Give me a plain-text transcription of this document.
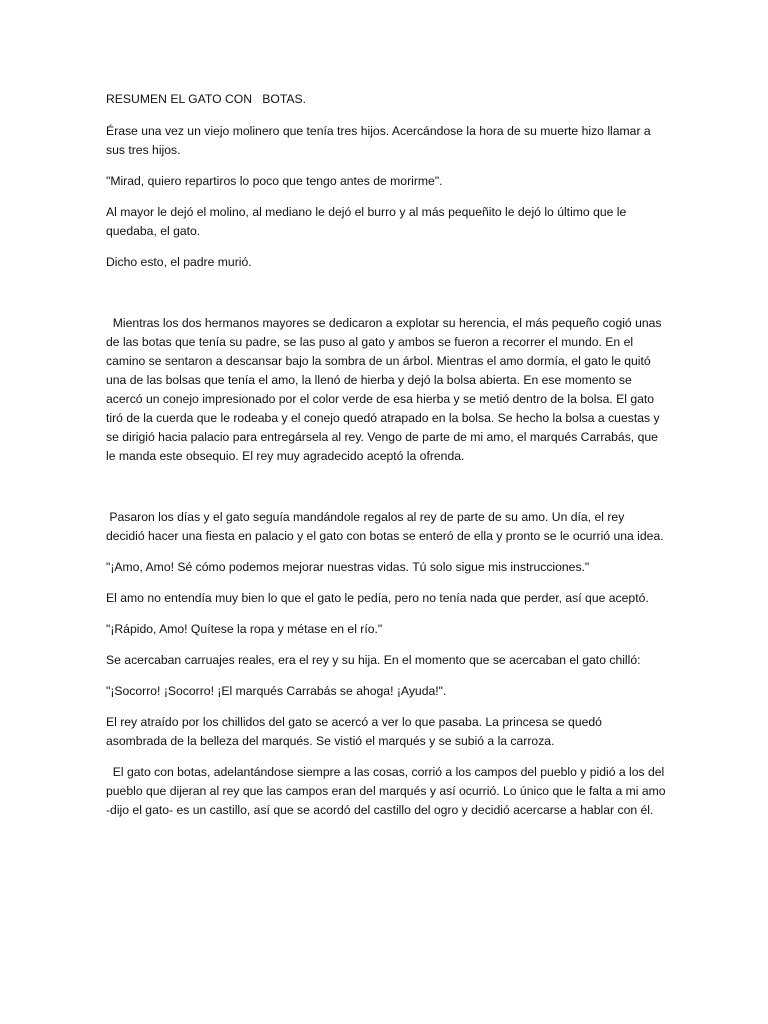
RESUMEN EL GATO CON   BOTAS.

Érase una vez un viejo molinero que tenía tres hijos. Acercándose la hora de su muerte hizo llamar a sus tres hijos.

"Mirad, quiero repartiros lo poco que tengo antes de morirme".

Al mayor le dejó el molino, al mediano le dejó el burro y al más pequeñito le dejó lo último que le quedaba, el gato.

Dicho esto, el padre murió.

Mientras los dos hermanos mayores se dedicaron a explotar su herencia, el más pequeño cogió unas de las botas que tenía su padre, se las puso al gato y ambos se fueron a recorrer el mundo. En el camino se sentaron a descansar bajo la sombra de un árbol. Mientras el amo dormía, el gato le quitó una de las bolsas que tenía el amo, la llenó de hierba y dejó la bolsa abierta. En ese momento se acercó un conejo impresionado por el color verde de esa hierba y se metió dentro de la bolsa. El gato tiró de la cuerda que le rodeaba y el conejo quedó atrapado en la bolsa. Se hecho la bolsa a cuestas y se dirigió hacia palacio para entregársela al rey. Vengo de parte de mi amo, el marqués Carrabás, que le manda este obsequio. El rey muy agradecido aceptó la ofrenda.

Pasaron los días y el gato seguía mandándole regalos al rey de parte de su amo. Un día, el rey decidió hacer una fiesta en palacio y el gato con botas se enteró de ella y pronto se le ocurrió una idea.

"¡Amo, Amo! Sé cómo podemos mejorar nuestras vidas. Tú solo sigue mis instrucciones."

El amo no entendía muy bien lo que el gato le pedía, pero no tenía nada que perder, así que aceptó.

"¡Rápido, Amo! Quítese la ropa y métase en el río."

Se acercaban carruajes reales, era el rey y su hija. En el momento que se acercaban el gato chilló:

"¡Socorro! ¡Socorro! ¡El marqués Carrabás se ahoga! ¡Ayuda!".

El rey atraído por los chillidos del gato se acercó a ver lo que pasaba. La princesa se quedó asombrada de la belleza del marqués. Se vistió el marqués y se subió a la carroza.

El gato con botas, adelantándose siempre a las cosas, corrió a los campos del pueblo y pidió a los del pueblo que dijeran al rey que las campos eran del marqués y así ocurrió. Lo único que le falta a mi amo -dijo el gato- es un castillo, así que se acordó del castillo del ogro y decidió acercarse a hablar con él.
